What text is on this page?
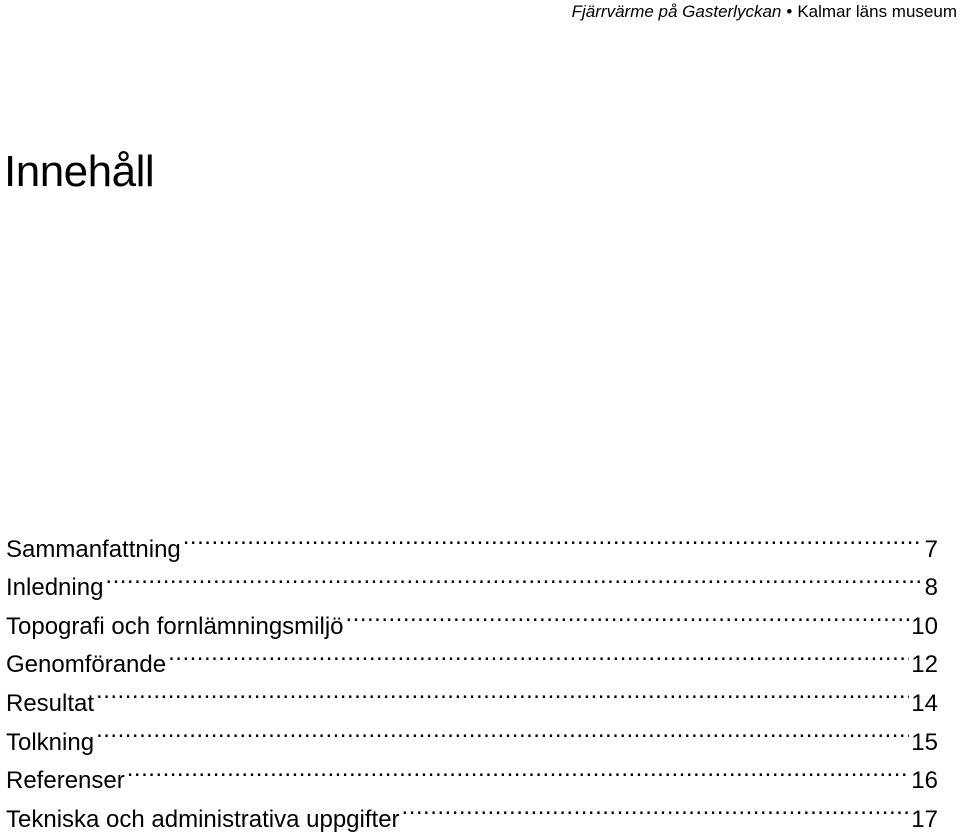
Fjärrvärme på Gasterlyckan • Kalmar läns museum
Innehåll
Sammanfattning .....	7
Inledning .....	8
Topografi och fornlämningsmiljö .....	10
Genomförande .....	12
Resultat .....	14
Tolkning .....	15
Referenser .....	16
Tekniska och administrativa uppgifter .....	17
